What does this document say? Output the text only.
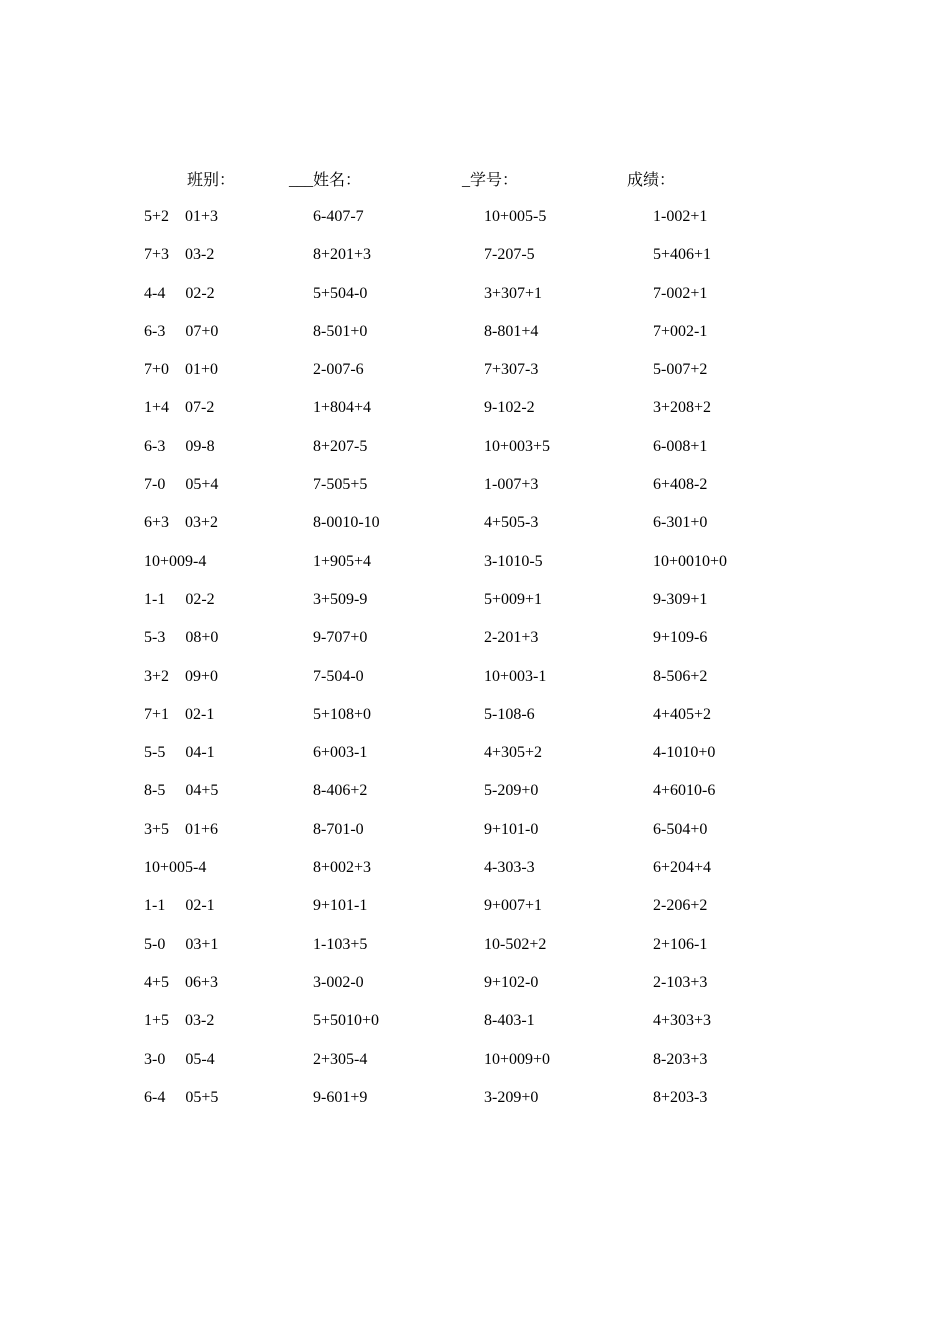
班别：	___姓名：	_学号：	成绩：
5+2    01+3	6-407-7	10+005-5	1-002+1
7+3    03-2	8+201+3	7-207-5	5+406+1
4-4     02-2	5+504-0	3+307+1	7-002+1
6-3     07+0	8-501+0	8-801+4	7+002-1
7+0    01+0	2-007-6	7+307-3	5-007+2
1+4    07-2	1+804+4	9-102-2	3+208+2
6-3     09-8	8+207-5	10+003+5	6-008+1
7-0     05+4	7-505+5	1-007+3	6+408-2
6+3    03+2	8-0010-10	4+505-3	6-301+0
10+009-4	1+905+4	3-1010-5	10+0010+0
1-1     02-2	3+509-9	5+009+1	9-309+1
5-3     08+0	9-707+0	2-201+3	9+109-6
3+2    09+0	7-504-0	10+003-1	8-506+2
7+1    02-1	5+108+0	5-108-6	4+405+2
5-5     04-1	6+003-1	4+305+2	4-1010+0
8-5     04+5	8-406+2	5-209+0	4+6010-6
3+5    01+6	8-701-0	9+101-0	6-504+0
10+005-4	8+002+3	4-303-3	6+204+4
1-1     02-1	9+101-1	9+007+1	2-206+2
5-0     03+1	1-103+5	10-502+2	2+106-1
4+5    06+3	3-002-0	9+102-0	2-103+3
1+5    03-2	5+5010+0	8-403-1	4+303+3
3-0     05-4	2+305-4	10+009+0	8-203+3
6-4     05+5	9-601+9	3-209+0	8+203-3
